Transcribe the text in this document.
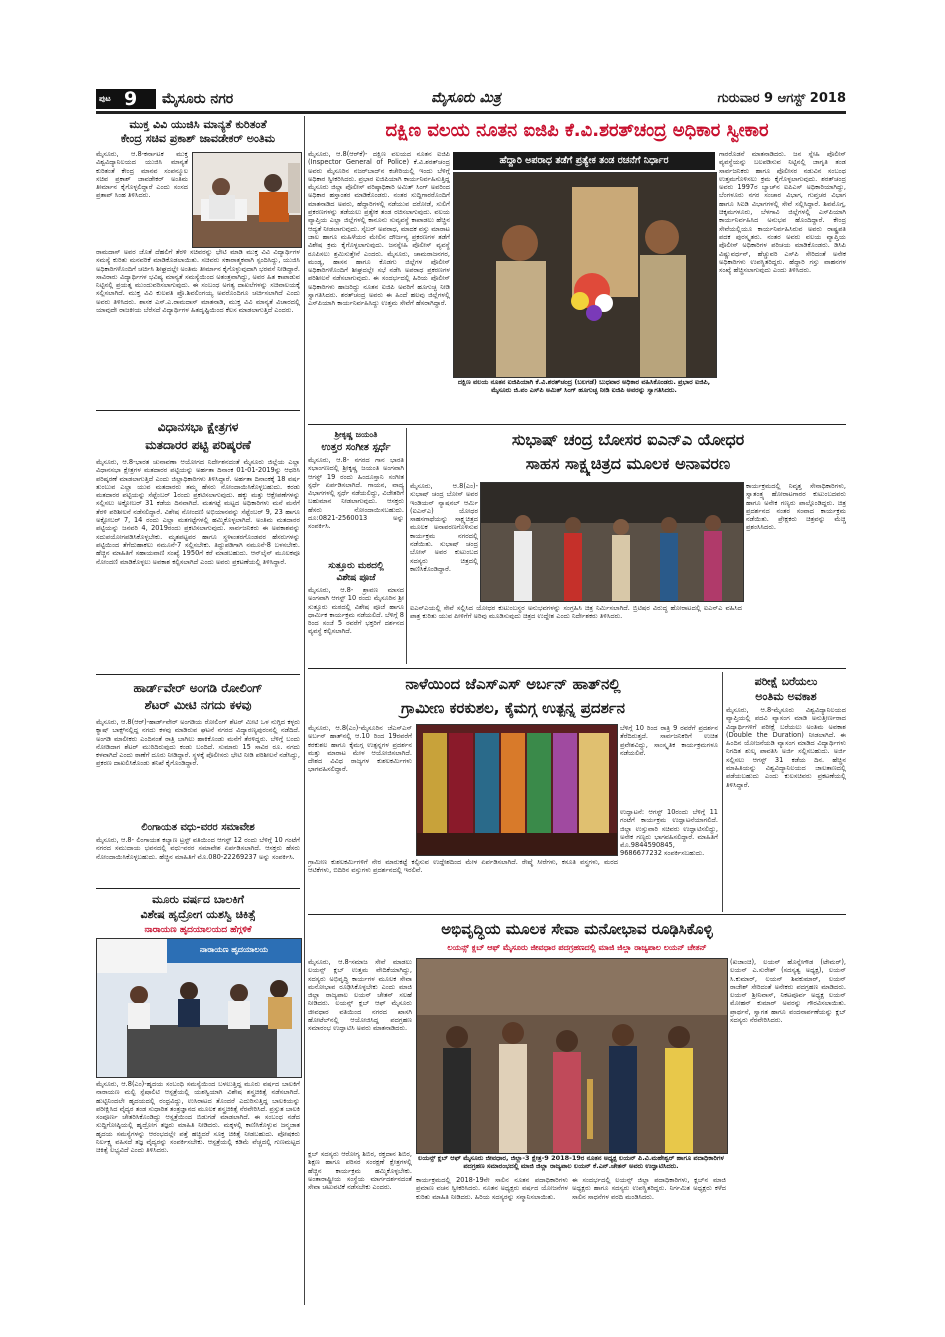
ಪುಟ 9 ಮೈಸೂರು ನಗರ	ಮೈಸೂರು ಮಿತ್ರ	ಗುರುವಾರ 9 ಆಗಸ್ಟ್ 2018
ಮುಕ್ತ ವಿವಿ ಯುಜಿಸಿ ಮಾನ್ಯತೆ ಕುರಿತಂತೆ
ಕೇಂದ್ರ ಸಚಿವ ಪ್ರಕಾಶ್ ಜಾವಡೇಕರ್ ಅಂತಿಮ
ಮೈಸೂರು, ಆ.8-ಕರ್ನಾಟಕ ಮುಕ್ತ ವಿಶ್ವವಿದ್ಯಾನಿಲಯದ ಯುಜಿಸಿ ಮಾನ್ಯತೆ ಕುರಿತಂತೆ ಕೇಂದ್ರ ಮಾನವ ಸಂಪನ್ಮೂಲ ಸಚಿವ ಪ್ರಕಾಶ್ ಜಾವಡೇಕರ್ ಅಂತಿಮ ತೀರ್ಮಾನ ಕೈಗೊಳ್ಳಲಿದ್ದಾರೆ ಎಂದು ಸಂಸದ ಪ್ರತಾಪ್ ಸಿಂಹ ತಿಳಿಸಿದರು.
ರಾಮದಾಸ್ ಅವರ ಜೊತೆ ದೆಹಲಿಗೆ ತೆರಳಿ ಸಚಿವರನ್ನು ಭೇಟಿ ಮಾಡಿ ಮುಕ್ತ ವಿವಿ ವಿದ್ಯಾರ್ಥಿಗಳ ಸಮಸ್ಯೆ ಕುರಿತು ಮನವರಿಕೆ ಮಾಡಿಕೊಡಲಾಯಿತು. ಸಚಿವರು ಸಕಾರಾತ್ಮಕವಾಗಿ ಸ್ಪಂದಿಸಿದ್ದು, ಯುಜಿಸಿ ಅಧಿಕಾರಿಗಳೊಂದಿಗೆ ಚರ್ಚಿಸಿ ಶೀಘ್ರದಲ್ಲೇ ಅಂತಿಮ ತೀರ್ಮಾನ ಕೈಗೊಳ್ಳುವುದಾಗಿ ಭರವಸೆ ನೀಡಿದ್ದಾರೆ. ಸಾವಿರಾರು ವಿದ್ಯಾರ್ಥಿಗಳ ಭವಿಷ್ಯ ಮಾನ್ಯತೆ ಸಮಸ್ಯೆಯಿಂದ ಅತಂತ್ರವಾಗಿದ್ದು, ಅವರ ಹಿತ ಕಾಪಾಡುವ ನಿಟ್ಟಿನಲ್ಲಿ ಪ್ರಯತ್ನ ಮುಂದುವರಿಸಲಾಗುವುದು. ಈ ಸಂಬಂಧ ಅಗತ್ಯ ದಾಖಲೆಗಳನ್ನು ಸಚಿವಾಲಯಕ್ಕೆ ಸಲ್ಲಿಸಲಾಗಿದೆ. ಮುಕ್ತ ವಿವಿ ಕುಲಪತಿ ಪ್ರೊ.ಶಿವಲಿಂಗಯ್ಯ ಅವರೊಂದಿಗೂ ಚರ್ಚಿಸಲಾಗಿದೆ ಎಂದು ಅವರು ತಿಳಿಸಿದರು. ಶಾಸಕ ಎಸ್.ಎ.ರಾಮದಾಸ್ ಮಾತನಾಡಿ, ಮುಕ್ತ ವಿವಿ ಮಾನ್ಯತೆ ವಿಚಾರದಲ್ಲಿ ಯಾವುದೇ ರಾಜಕೀಯ ಬೆರೆಸದೆ ವಿದ್ಯಾರ್ಥಿಗಳ ಹಿತದೃಷ್ಟಿಯಿಂದ ಕೆಲಸ ಮಾಡಲಾಗುತ್ತಿದೆ ಎಂದರು.
ವಿಧಾನಸಭಾ ಕ್ಷೇತ್ರಗಳ
ಮತದಾರರ ಪಟ್ಟಿ ಪರಿಷ್ಕರಣೆ
ಮೈಸೂರು, ಆ.8-ಭಾರತ ಚುನಾವಣಾ ಆಯೋಗದ ನಿರ್ದೇಶನದಂತೆ ಮೈಸೂರು ಜಿಲ್ಲೆಯ ಎಲ್ಲಾ ವಿಧಾನಸಭಾ ಕ್ಷೇತ್ರಗಳ ಮತದಾರರ ಪಟ್ಟಿಯನ್ನು ಅರ್ಹತಾ ದಿನಾಂಕ 01-01-2019ನ್ನು ಆಧರಿಸಿ ಪರಿಷ್ಕರಣೆ ಮಾಡಲಾಗುತ್ತಿದೆ ಎಂದು ಜಿಲ್ಲಾಧಿಕಾರಿಗಳು ತಿಳಿಸಿದ್ದಾರೆ. ಅರ್ಹತಾ ದಿನಾಂಕಕ್ಕೆ 18 ವರ್ಷ ತುಂಬುವ ಎಲ್ಲಾ ಯುವ ಮತದಾರರು ತಮ್ಮ ಹೆಸರು ನೋಂದಾಯಿಸಿಕೊಳ್ಳಬಹುದು. ಕರಡು ಮತದಾರರ ಪಟ್ಟಿಯನ್ನು ಸೆಪ್ಟೆಂಬರ್ 1ರಂದು ಪ್ರಕಟಿಸಲಾಗುವುದು. ಹಕ್ಕು ಮತ್ತು ಆಕ್ಷೇಪಣೆಗಳನ್ನು ಸಲ್ಲಿಸಲು ಅಕ್ಟೋಬರ್ 31 ಕಡೆಯ ದಿನವಾಗಿದೆ. ಮತಗಟ್ಟೆ ಮಟ್ಟದ ಅಧಿಕಾರಿಗಳು ಮನೆ ಮನೆಗೆ ತೆರಳಿ ಪರಿಶೀಲನೆ ನಡೆಸಲಿದ್ದಾರೆ. ವಿಶೇಷ ನೋಂದಣಿ ಅಭಿಯಾನವನ್ನು ಸೆಪ್ಟೆಂಬರ್ 9, 23 ಹಾಗೂ ಅಕ್ಟೋಬರ್ 7, 14 ರಂದು ಎಲ್ಲಾ ಮತಗಟ್ಟೆಗಳಲ್ಲಿ ಹಮ್ಮಿಕೊಳ್ಳಲಾಗಿದೆ. ಅಂತಿಮ ಮತದಾರರ ಪಟ್ಟಿಯನ್ನು ಜನವರಿ 4, 2019ರಂದು ಪ್ರಕಟಿಸಲಾಗುವುದು. ಸಾರ್ವಜನಿಕರು ಈ ಅವಕಾಶವನ್ನು ಸದುಪಯೋಗಪಡಿಸಿಕೊಳ್ಳಬೇಕು. ಮೃತಪಟ್ಟವರ ಹಾಗೂ ಸ್ಥಳಾಂತರಗೊಂಡವರ ಹೆಸರುಗಳನ್ನು ಪಟ್ಟಿಯಿಂದ ತೆಗೆದುಹಾಕಲು ನಮೂನೆ-7 ಸಲ್ಲಿಸಬೇಕು. ತಿದ್ದುಪಡಿಗಾಗಿ ನಮೂನೆ-8 ಬಳಸಬೇಕು. ಹೆಚ್ಚಿನ ಮಾಹಿತಿಗೆ ಸಹಾಯವಾಣಿ ಸಂಖ್ಯೆ 1950ಗೆ ಕರೆ ಮಾಡಬಹುದು. ಆನ್‌ಲೈನ್ ಮೂಲಕವೂ ನೋಂದಣಿ ಮಾಡಿಕೊಳ್ಳಲು ಅವಕಾಶ ಕಲ್ಪಿಸಲಾಗಿದೆ ಎಂದು ಅವರು ಪ್ರಕಟಣೆಯಲ್ಲಿ ತಿಳಿಸಿದ್ದಾರೆ.
ಹಾರ್ಡ್‌ವೇರ್ ಅಂಗಡಿ ರೋಲಿಂಗ್
ಶೆಟರ್ ಮೀಟಿ ನಗದು ಕಳವು
ಮೈಸೂರು, ಆ.8(ಆರ್)-ಹಾರ್ಡ್‌ವೇರ್ ಅಂಗಡಿಯ ರೋಲಿಂಗ್ ಶೆಟರ್ ಮೀಟಿ ಒಳ ನುಗ್ಗಿದ ಕಳ್ಳರು ಕ್ಯಾಷ್ ಬಾಕ್ಸ್‌ನಲ್ಲಿದ್ದ ನಗದು ಕಳವು ಮಾಡಿರುವ ಘಟನೆ ನಗರದ ವಿದ್ಯಾರಣ್ಯಪುರಂನಲ್ಲಿ ನಡೆದಿದೆ. ಅಂಗಡಿ ಮಾಲೀಕರು ಎಂದಿನಂತೆ ರಾತ್ರಿ ಬಾಗಿಲು ಹಾಕಿಕೊಂಡು ಮನೆಗೆ ತೆರಳಿದ್ದರು. ಬೆಳಿಗ್ಗೆ ಬಂದು ನೋಡಿದಾಗ ಶೆಟರ್ ಮುರಿದಿರುವುದು ಕಂಡು ಬಂದಿದೆ. ಸುಮಾರು 15 ಸಾವಿರ ರೂ. ನಗದು ಕಳವಾಗಿದೆ ಎಂದು ಠಾಣೆಗೆ ದೂರು ನೀಡಿದ್ದಾರೆ. ಸ್ಥಳಕ್ಕೆ ಪೊಲೀಸರು ಭೇಟಿ ನೀಡಿ ಪರಿಶೀಲನೆ ನಡೆಸಿದ್ದು, ಪ್ರಕರಣ ದಾಖಲಿಸಿಕೊಂಡು ತನಿಖೆ ಕೈಗೊಂಡಿದ್ದಾರೆ.
ಲಿಂಗಾಯತ ವಧು-ವರರ ಸಮಾವೇಶ
ಮೈಸೂರು, ಆ.8- ಲಿಂಗಾಯತ ಕಲ್ಯಾಣ ಟ್ರಸ್ಟ್ ವತಿಯಿಂದ ಆಗಸ್ಟ್ 12 ರಂದು ಬೆಳಿಗ್ಗೆ 10 ಗಂಟೆಗೆ ನಗರದ ಸಮುದಾಯ ಭವನದಲ್ಲಿ ವಧು-ವರರ ಸಮಾವೇಶ ಏರ್ಪಡಿಸಲಾಗಿದೆ. ಆಸಕ್ತರು ಹೆಸರು ನೋಂದಾಯಿಸಿಕೊಳ್ಳಬಹುದು. ಹೆಚ್ಚಿನ ಮಾಹಿತಿಗೆ ಮೊ.080-22269237 ಅನ್ನು ಸಂಪರ್ಕಿಸಿ.
ಮೂರು ವರ್ಷದ ಬಾಲಕಿಗೆ
ವಿಶೇಷ ಹೃದ್ರೋಗ ಯಶಸ್ವಿ ಚಿಕಿತ್ಸೆ
ನಾರಾಯಣ ಹೃದಯಾಲಯದ ಹೆಗ್ಗಳಿಕೆ
ನಾರಾಯಣ ಹೃದಯಾಲಯ
ಮೈಸೂರು, ಆ.8(ಎಂ)-ಹೃದಯ ಸಂಬಂಧಿ ಸಮಸ್ಯೆಯಿಂದ ಬಳಲುತ್ತಿದ್ದ ಮೂರು ವರ್ಷದ ಬಾಲಕಿಗೆ ನಾರಾಯಣ ಮಲ್ಟಿ ಸ್ಪೆಷಾಲಿಟಿ ಆಸ್ಪತ್ರೆಯಲ್ಲಿ ಯಶಸ್ವಿಯಾಗಿ ವಿಶೇಷ ಶಸ್ತ್ರಚಿಕಿತ್ಸೆ ನಡೆಸಲಾಗಿದೆ. ಹುಟ್ಟಿನಿಂದಲೇ ಹೃದಯದಲ್ಲಿ ರಂಧ್ರವಿದ್ದು, ಉಸಿರಾಟದ ತೊಂದರೆ ಎದುರಿಸುತ್ತಿದ್ದ ಬಾಲಕಿಯನ್ನು ಪರೀಕ್ಷಿಸಿದ ವೈದ್ಯರ ತಂಡ ಸುಧಾರಿತ ತಂತ್ರಜ್ಞಾನದ ಮೂಲಕ ಶಸ್ತ್ರಚಿಕಿತ್ಸೆ ನೆರವೇರಿಸಿದೆ. ಪ್ರಸ್ತುತ ಬಾಲಕಿ ಸಂಪೂರ್ಣ ಚೇತರಿಸಿಕೊಂಡಿದ್ದು ಆಸ್ಪತ್ರೆಯಿಂದ ಬಿಡುಗಡೆ ಮಾಡಲಾಗಿದೆ. ಈ ಸಂಬಂಧ ನಡೆದ ಸುದ್ದಿಗೋಷ್ಠಿಯಲ್ಲಿ ಹೃದ್ರೋಗ ತಜ್ಞರು ಮಾಹಿತಿ ನೀಡಿದರು. ಮಕ್ಕಳಲ್ಲಿ ಕಾಣಿಸಿಕೊಳ್ಳುವ ಜನ್ಮಜಾತ ಹೃದಯ ಸಮಸ್ಯೆಗಳನ್ನು ಆರಂಭದಲ್ಲೇ ಪತ್ತೆ ಹಚ್ಚಿದರೆ ಸೂಕ್ತ ಚಿಕಿತ್ಸೆ ನೀಡಬಹುದು. ಪೋಷಕರು ನಿರ್ಲಕ್ಷ್ಯ ವಹಿಸದೆ ತಜ್ಞ ವೈದ್ಯರನ್ನು ಸಂಪರ್ಕಿಸಬೇಕು. ಆಸ್ಪತ್ರೆಯಲ್ಲಿ ಕಡಿಮೆ ವೆಚ್ಚದಲ್ಲಿ ಗುಣಮಟ್ಟದ ಚಿಕಿತ್ಸೆ ಲಭ್ಯವಿದೆ ಎಂದು ತಿಳಿಸಿದರು.
ದಕ್ಷಿಣ ವಲಯ ನೂತನ ಐಜಿಪಿ ಕೆ.ವಿ.ಶರತ್‌ಚಂದ್ರ ಅಧಿಕಾರ ಸ್ವೀಕಾರ
ಮೈಸೂರು, ಆ.8(ಆರ್‌ಕೆ)- ದಕ್ಷಿಣ ವಲಯದ ನೂತನ ಐಜಿಪಿ (Inspector General of Police) ಕೆ.ವಿ.ಶರತ್‌ಚಂದ್ರ ಅವರು ಮೈಸೂರಿನ ನಜರ್‌ಬಾದ್‌ನ ಕಚೇರಿಯಲ್ಲಿ ಇಂದು ಬೆಳಿಗ್ಗೆ ಅಧಿಕಾರ ಸ್ವೀಕರಿಸಿದರು. ಪ್ರಭಾರ ಐಜಿಪಿಯಾಗಿ ಕಾರ್ಯನಿರ್ವಹಿಸುತ್ತಿದ್ದ ಮೈಸೂರು ಜಿಲ್ಲಾ ಪೊಲೀಸ್ ವರಿಷ್ಠಾಧಿಕಾರಿ ಅಮಿತ್ ಸಿಂಗ್ ಅವರಿಂದ ಅಧಿಕಾರ ಹಸ್ತಾಂತರ ಮಾಡಿಕೊಂಡರು. ನಂತರ ಸುದ್ದಿಗಾರರೊಂದಿಗೆ ಮಾತನಾಡಿದ ಅವರು, ಹೆದ್ದಾರಿಗಳಲ್ಲಿ ನಡೆಯುವ ದರೋಡೆ, ಸುಲಿಗೆ ಪ್ರಕರಣಗಳನ್ನು ತಡೆಯಲು ಪ್ರತ್ಯೇಕ ತಂಡ ರಚಿಸಲಾಗುವುದು. ವಲಯ ವ್ಯಾಪ್ತಿಯ ಎಲ್ಲಾ ಜಿಲ್ಲೆಗಳಲ್ಲಿ ಕಾನೂನು ಸುವ್ಯವಸ್ಥೆ ಕಾಪಾಡಲು ಹೆಚ್ಚಿನ ಆದ್ಯತೆ ನೀಡಲಾಗುವುದು. ಸೈಬರ್ ಅಪರಾಧ, ಮಾದಕ ವಸ್ತು ಮಾರಾಟ ಜಾಲ ಹಾಗೂ ಮಹಿಳೆಯರ ಮೇಲಿನ ದೌರ್ಜನ್ಯ ಪ್ರಕರಣಗಳ ತಡೆಗೆ ವಿಶೇಷ ಕ್ರಮ ಕೈಗೊಳ್ಳಲಾಗುವುದು. ಜನಸ್ನೇಹಿ ಪೊಲೀಸ್ ವ್ಯವಸ್ಥೆ ರೂಪಿಸಲು ಶ್ರಮಿಸುತ್ತೇನೆ ಎಂದರು. ಮೈಸೂರು, ಚಾಮರಾಜನಗರ, ಮಂಡ್ಯ, ಹಾಸನ ಹಾಗೂ ಕೊಡಗು ಜಿಲ್ಲೆಗಳ ಪೊಲೀಸ್ ಅಧಿಕಾರಿಗಳೊಂದಿಗೆ ಶೀಘ್ರದಲ್ಲೇ ಸಭೆ ನಡೆಸಿ ಅಪರಾಧ ಪ್ರಕರಣಗಳ ಪರಿಶೀಲನೆ ನಡೆಸಲಾಗುವುದು. ಈ ಸಂದರ್ಭದಲ್ಲಿ ಹಿರಿಯ ಪೊಲೀಸ್ ಅಧಿಕಾರಿಗಳು ಹಾಜರಿದ್ದು ನೂತನ ಐಜಿಪಿ ಅವರಿಗೆ ಹೂಗುಚ್ಛ ನೀಡಿ ಸ್ವಾಗತಿಸಿದರು. ಶರತ್‌ಚಂದ್ರ ಅವರು ಈ ಹಿಂದೆ ಹಲವು ಜಿಲ್ಲೆಗಳಲ್ಲಿ ಎಸ್‌ಪಿಯಾಗಿ ಕಾರ್ಯನಿರ್ವಹಿಸಿದ್ದು ಉತ್ತಮ ಸೇವೆಗೆ ಹೆಸರಾಗಿದ್ದಾರೆ.
ಹೆದ್ದಾರಿ ಅಪರಾಧ ತಡೆಗೆ ಪ್ರತ್ಯೇಕ ತಂಡ ರಚನೆಗೆ ನಿರ್ಧಾರ
ದಕ್ಷಿಣ ವಲಯ ನೂತನ ಐಜಿಪಿಯಾಗಿ ಕೆ.ವಿ.ಶರತ್‌ಚಂದ್ರ (ಬಲಗಡೆ) ಬುಧವಾರ ಅಧಿಕಾರ ವಹಿಸಿಕೊಂಡರು. ಪ್ರಭಾರ ಐಜಿಪಿ, ಮೈಸೂರು ಜಿ.ಪಂ ಎಸ್‌ಪಿ ಅಮಿತ್ ಸಿಂಗ್ ಹೂಗುಚ್ಛ ನೀಡಿ ಐಜಿಪಿ ಅವರನ್ನು ಸ್ವಾಗತಿಸಿದರು.
ಗಾರರೊಡನೆ ಮಾತನಾಡಿದರು. ಜನ ಸ್ನೇಹಿ ಪೊಲೀಸ್ ವ್ಯವಸ್ಥೆಯನ್ನು ಬಲಪಡಿಸುವ ನಿಟ್ಟಿನಲ್ಲಿ ಜಾಗೃತಿ ತಂಡ ಸಾರ್ವಜನಿಕರು ಹಾಗೂ ಪೊಲೀಸರ ನಡುವಿನ ಸಂಬಂಧ ಉತ್ತಮಗೊಳಿಸಲು ಕ್ರಮ ಕೈಗೊಳ್ಳಲಾಗುವುದು. ಶರತ್‌ಚಂದ್ರ ಅವರು 1997ರ ಬ್ಯಾಚ್‌ನ ಐಪಿಎಸ್ ಅಧಿಕಾರಿಯಾಗಿದ್ದು, ಬೆಂಗಳೂರು ನಗರ ಸಂಚಾರ ವಿಭಾಗ, ಗುಪ್ತಚರ ವಿಭಾಗ ಹಾಗೂ ಸಿಐಡಿ ವಿಭಾಗಗಳಲ್ಲಿ ಸೇವೆ ಸಲ್ಲಿಸಿದ್ದಾರೆ. ಶಿವಮೊಗ್ಗ, ಚಿಕ್ಕಮಗಳೂರು, ಬೆಳಗಾವಿ ಜಿಲ್ಲೆಗಳಲ್ಲಿ ಎಸ್‌ಪಿಯಾಗಿ ಕಾರ್ಯನಿರ್ವಹಿಸಿದ ಅನುಭವ ಹೊಂದಿದ್ದಾರೆ. ಕೇಂದ್ರ ಸೇವೆಯಲ್ಲಿಯೂ ಕಾರ್ಯನಿರ್ವಹಿಸಿರುವ ಅವರು ರಾಷ್ಟ್ರಪತಿ ಪದಕ ಪುರಸ್ಕೃತರು. ನಂತರ ಅವರು ವಲಯ ವ್ಯಾಪ್ತಿಯ ಪೊಲೀಸ್ ಅಧಿಕಾರಿಗಳ ಪರಿಚಯ ಮಾಡಿಕೊಂಡರು. ಡಿಸಿಪಿ ವಿಷ್ಣುವರ್ಧನ್, ಹೆಚ್ಚುವರಿ ಎಸ್‌ಪಿ ಸೇರಿದಂತೆ ಅನೇಕ ಅಧಿಕಾರಿಗಳು ಉಪಸ್ಥಿತರಿದ್ದರು. ಹೆದ್ದಾರಿ ಗಸ್ತು ವಾಹನಗಳ ಸಂಖ್ಯೆ ಹೆಚ್ಚಿಸಲಾಗುವುದು ಎಂದು ತಿಳಿಸಿದರು.
ಶ್ರೀಕೃಷ್ಣ ಜಯಂತಿ
ಉತ್ತರ ಸಂಗೀತ ಸ್ಪರ್ಧೆ
ಮೈಸೂರು, ಆ.8- ನಗರದ ಗಾನ ಭಾರತಿ ಸಭಾಂಗಣದಲ್ಲಿ ಶ್ರೀಕೃಷ್ಣ ಜಯಂತಿ ಅಂಗವಾಗಿ ಆಗಸ್ಟ್ 19 ರಂದು ಹಿಂದೂಸ್ತಾನಿ ಸಂಗೀತ ಸ್ಪರ್ಧೆ ಏರ್ಪಡಿಸಲಾಗಿದೆ. ಗಾಯನ, ವಾದ್ಯ ವಿಭಾಗಗಳಲ್ಲಿ ಸ್ಪರ್ಧೆ ನಡೆಯಲಿದ್ದು, ವಿಜೇತರಿಗೆ ಬಹುಮಾನ ನೀಡಲಾಗುವುದು. ಆಸಕ್ತರು ಹೆಸರು ನೋಂದಾಯಿಸಬಹುದು. ದೂ:0821-2560013 ಅನ್ನು ಸಂಪರ್ಕಿಸಿ.
ಸುತ್ತೂರು ಮಠದಲ್ಲಿ
ವಿಶೇಷ ಪೂಜೆ
ಮೈಸೂರು, ಆ.8- ಶ್ರಾವಣ ಮಾಸದ ಅಂಗವಾಗಿ ಆಗಸ್ಟ್ 10 ರಂದು ಮೈಸೂರಿನ ಶ್ರೀ ಸುತ್ತೂರು ಮಠದಲ್ಲಿ ವಿಶೇಷ ಪೂಜೆ ಹಾಗೂ ಧಾರ್ಮಿಕ ಕಾರ್ಯಕ್ರಮ ನಡೆಯಲಿದೆ. ಬೆಳಿಗ್ಗೆ 8 ರಿಂದ ಸಂಜೆ 5 ರವರೆಗೆ ಭಕ್ತರಿಗೆ ದರ್ಶನದ ವ್ಯವಸ್ಥೆ ಕಲ್ಪಿಸಲಾಗಿದೆ.
ಸುಭಾಷ್ ಚಂದ್ರ ಬೋಸರ ಐಎನ್‌ಎ ಯೋಧರ
ಸಾಹಸ ಸಾಕ್ಷ್ಯಚಿತ್ರದ ಮೂಲಕ ಅನಾವರಣ
ಮೈಸೂರು, ಆ.8(ಎಂ)-ಸುಭಾಷ್ ಚಂದ್ರ ಬೋಸ್ ಅವರ ಇಂಡಿಯನ್ ನ್ಯಾಷನಲ್ ಆರ್ಮಿ (ಐಎನ್‌ಎ) ಯೋಧರ ಸಾಹಸಗಾಥೆಯನ್ನು ಸಾಕ್ಷ್ಯಚಿತ್ರದ ಮೂಲಕ ಅನಾವರಣಗೊಳಿಸುವ ಕಾರ್ಯಕ್ರಮ ನಗರದಲ್ಲಿ ನಡೆಯಿತು. ಸುಭಾಷ್ ಚಂದ್ರ ಬೋಸ್ ಅವರ ಕುಟುಂಬದ ಸದಸ್ಯರು ಚಿತ್ರದಲ್ಲಿ ಕಾಣಿಸಿಕೊಂಡಿದ್ದಾರೆ.
ಕಾರ್ಯಕ್ರಮದಲ್ಲಿ ನಿವೃತ್ತ ಸೇನಾಧಿಕಾರಿಗಳು, ಸ್ವಾತಂತ್ರ್ಯ ಹೋರಾಟಗಾರರ ಕುಟುಂಬದವರು ಹಾಗೂ ಅನೇಕ ಗಣ್ಯರು ಪಾಲ್ಗೊಂಡಿದ್ದರು. ಚಿತ್ರ ಪ್ರದರ್ಶನದ ನಂತರ ಸಂವಾದ ಕಾರ್ಯಕ್ರಮ ನಡೆಯಿತು. ಪ್ರೇಕ್ಷಕರು ಚಿತ್ರವನ್ನು ಮೆಚ್ಚಿ ಪ್ರಶಂಸಿಸಿದರು.
ಐಎನ್‌ಎಯಲ್ಲಿ ಸೇವೆ ಸಲ್ಲಿಸಿದ ಯೋಧರ ಕುಟುಂಬಸ್ಥರ ಅನುಭವಗಳನ್ನು ಸಂಗ್ರಹಿಸಿ ಚಿತ್ರ ನಿರ್ಮಿಸಲಾಗಿದೆ. ಬ್ರಿಟಿಷರ ವಿರುದ್ಧ ಹೋರಾಟದಲ್ಲಿ ಐಎನ್‌ಎ ವಹಿಸಿದ ಪಾತ್ರ ಕುರಿತು ಯುವ ಪೀಳಿಗೆಗೆ ಅರಿವು ಮೂಡಿಸುವುದು ಚಿತ್ರದ ಉದ್ದೇಶ ಎಂದು ನಿರ್ದೇಶಕರು ತಿಳಿಸಿದರು.
ನಾಳೆಯಿಂದ ಜೆಎಸ್‌ಎಸ್ ಅರ್ಬನ್ ಹಾತ್‌ನಲ್ಲಿ
ಗ್ರಾಮೀಣ ಕರಕುಶಲ, ಕೈಮಗ್ಗ ಉತ್ಪನ್ನ ಪ್ರದರ್ಶನ
ಮೈಸೂರು, ಆ.8(ಎಂ)-ಮೈಸೂರಿನ ಜೆಎಸ್‌ಎಸ್ ಅರ್ಬನ್ ಹಾತ್‌ನಲ್ಲಿ ಆ.10 ರಿಂದ 19ರವರೆಗೆ ಕರಕುಶಲ ಹಾಗೂ ಕೈಮಗ್ಗ ಉತ್ಪನ್ನಗಳ ಪ್ರದರ್ಶನ ಮತ್ತು ಮಾರಾಟ ಮೇಳ ಆಯೋಜಿಸಲಾಗಿದೆ. ದೇಶದ ವಿವಿಧ ರಾಜ್ಯಗಳ ಕುಶಲಕರ್ಮಿಗಳು ಭಾಗವಹಿಸಲಿದ್ದಾರೆ.
ಬೆಳಿಗ್ಗೆ 10 ರಿಂದ ರಾತ್ರಿ 9 ರವರೆಗೆ ಪ್ರದರ್ಶನ ತೆರೆದಿರುತ್ತದೆ. ಸಾರ್ವಜನಿಕರಿಗೆ ಉಚಿತ ಪ್ರವೇಶವಿದ್ದು, ಸಾಂಸ್ಕೃತಿಕ ಕಾರ್ಯಕ್ರಮಗಳೂ ನಡೆಯಲಿವೆ.
ಗ್ರಾಮೀಣ ಕುಶಲಕರ್ಮಿಗಳಿಗೆ ನೇರ ಮಾರುಕಟ್ಟೆ ಕಲ್ಪಿಸುವ ಉದ್ದೇಶದಿಂದ ಮೇಳ ಏರ್ಪಡಿಸಲಾಗಿದೆ. ರೇಷ್ಮೆ ಸೀರೆಗಳು, ಕಸೂತಿ ವಸ್ತ್ರಗಳು, ಮರದ ಆಟಿಕೆಗಳು, ಬಿದಿರಿನ ವಸ್ತುಗಳು ಪ್ರದರ್ಶನದಲ್ಲಿ ಇರಲಿವೆ.
ಉದ್ಘಾಟನೆ: ಆಗಸ್ಟ್ 10ರಂದು ಬೆಳಿಗ್ಗೆ 11 ಗಂಟೆಗೆ ಕಾರ್ಯಕ್ರಮ ಉದ್ಘಾಟನೆಯಾಗಲಿದೆ. ಜಿಲ್ಲಾ ಉಸ್ತುವಾರಿ ಸಚಿವರು ಉದ್ಘಾಟಿಸಲಿದ್ದು, ಅನೇಕ ಗಣ್ಯರು ಭಾಗವಹಿಸಲಿದ್ದಾರೆ. ಮಾಹಿತಿಗೆ ಮೊ.9844590845, 9686677232 ಸಂಪರ್ಕಿಸಬಹುದು.
ಪರೀಕ್ಷೆ ಬರೆಯಲು
ಅಂತಿಮ ಅವಕಾಶ
ಮೈಸೂರು, ಆ.8-ಮೈಸೂರು ವಿಶ್ವವಿದ್ಯಾನಿಲಯದ ವ್ಯಾಪ್ತಿಯಲ್ಲಿ ಪದವಿ ವ್ಯಾಸಂಗ ಮಾಡಿ ಅನುತ್ತೀರ್ಣರಾದ ವಿದ್ಯಾರ್ಥಿಗಳಿಗೆ ಪರೀಕ್ಷೆ ಬರೆಯಲು ಅಂತಿಮ ಅವಕಾಶ (Double the Duration) ನೀಡಲಾಗಿದೆ. ಈ ಹಿಂದಿನ ಯೋಜನೆಯಡಿ ವ್ಯಾಸಂಗ ಮಾಡಿದ ವಿದ್ಯಾರ್ಥಿಗಳು ನಿಗದಿತ ಶುಲ್ಕ ಪಾವತಿಸಿ ಅರ್ಜಿ ಸಲ್ಲಿಸಬಹುದು. ಅರ್ಜಿ ಸಲ್ಲಿಸಲು ಆಗಸ್ಟ್ 31 ಕಡೆಯ ದಿನ. ಹೆಚ್ಚಿನ ಮಾಹಿತಿಯನ್ನು ವಿಶ್ವವಿದ್ಯಾನಿಲಯದ ಜಾಲತಾಣದಲ್ಲಿ ಪಡೆಯಬಹುದು ಎಂದು ಕುಲಸಚಿವರು ಪ್ರಕಟಣೆಯಲ್ಲಿ ತಿಳಿಸಿದ್ದಾರೆ.
ಅಭಿವೃದ್ಧಿಯ ಮೂಲಕ ಸೇವಾ ಮನೋಭಾವ ರೂಢಿಸಿಕೊಳ್ಳಿ
ಲಯನ್ಸ್ ಕ್ಲಬ್ ಆಫ್ ಮೈಸೂರು ಜೀವಧಾರ ಪದಗ್ರಹಣದಲ್ಲಿ ಮಾಜಿ ಜಿಲ್ಲಾ ರಾಜ್ಯಪಾಲ ಲಯನ್ ಚೇತನ್
ಮೈಸೂರು, ಆ.8-ಸಮಾಜ ಸೇವೆ ಮಾಡಲು ಲಯನ್ಸ್ ಕ್ಲಬ್ ಉತ್ತಮ ವೇದಿಕೆಯಾಗಿದ್ದು, ಸದಸ್ಯರು ಅಭಿವೃದ್ಧಿ ಕಾರ್ಯಗಳ ಮೂಲಕ ಸೇವಾ ಮನೋಭಾವ ರೂಢಿಸಿಕೊಳ್ಳಬೇಕು ಎಂದು ಮಾಜಿ ಜಿಲ್ಲಾ ರಾಜ್ಯಪಾಲ ಲಯನ್ ಚೇತನ್ ಸಲಹೆ ನೀಡಿದರು. ಲಯನ್ಸ್ ಕ್ಲಬ್ ಆಫ್ ಮೈಸೂರು ಜೀವಧಾರ ವತಿಯಿಂದ ನಗರದ ಖಾಸಗಿ ಹೋಟೆಲ್‌ನಲ್ಲಿ ಆಯೋಜಿಸಿದ್ದ ಪದಗ್ರಹಣ ಸಮಾರಂಭ ಉದ್ಘಾಟಿಸಿ ಅವರು ಮಾತನಾಡಿದರು.
(ಖಜಾಂಚಿ), ಲಯನ್ ಹೊನ್ನೇಗೌಡ (ಟೇಮರ್), ಲಯನ್ ಎ.ಸುರೇಶ್ (ಸದಸ್ಯತ್ವ ಅಧ್ಯಕ್ಷ), ಲಯನ್ ಸಿ.ಕುಮಾರ್, ಲಯನ್ ಶಿವಕುಮಾರ್, ಲಯನ್ ರಾಜೇಶ್ ಸೇರಿದಂತೆ ಅನೇಕರು ಪದಗ್ರಹಣ ಮಾಡಿದರು. ಲಯನ್ ಶ್ರೀನಿವಾಸ್, ನಿಕಟಪೂರ್ವ ಅಧ್ಯಕ್ಷ ಲಯನ್ ಮೋಹನ್ ಕುಮಾರ್ ಅವರನ್ನು ಗೌರವಿಸಲಾಯಿತು. ಪ್ರಾರ್ಥನೆ, ಸ್ವಾಗತ ಹಾಗೂ ವಂದನಾರ್ಪಣೆಯನ್ನು ಕ್ಲಬ್ ಸದಸ್ಯರು ನೆರವೇರಿಸಿದರು.
ಲಯನ್ಸ್ ಕ್ಲಬ್ ಆಫ್ ಮೈಸೂರು ಜೀವಧಾರ, ಜಿಲ್ಲಾ-3 ಕ್ಷೇತ್ರ-9 2018-19ರ ನೂತನ ಅಧ್ಯಕ್ಷ ಲಯನ್ ಪಿ.ವಿ.ಮಹೇಶ್ವರ್ ಹಾಗೂ ಪದಾಧಿಕಾರಿಗಳ ಪದಗ್ರಹಣ ಸಮಾರಂಭದಲ್ಲಿ ಮಾಜಿ ಜಿಲ್ಲಾ ರಾಜ್ಯಪಾಲ ಲಯನ್ ಕೆ.ಎನ್.ಚೇತನ್ ಅವರು ಉದ್ಘಾಟಿಸಿದರು.
ಕ್ಲಬ್ ಸದಸ್ಯರು ಆರೋಗ್ಯ ಶಿಬಿರ, ರಕ್ತದಾನ ಶಿಬಿರ, ಶಿಕ್ಷಣ ಹಾಗೂ ಪರಿಸರ ಸಂರಕ್ಷಣೆ ಕ್ಷೇತ್ರಗಳಲ್ಲಿ ಹೆಚ್ಚಿನ ಕಾರ್ಯಕ್ರಮ ಹಮ್ಮಿಕೊಳ್ಳಬೇಕು. ಅಂತಾರಾಷ್ಟ್ರೀಯ ಸಂಸ್ಥೆಯ ಮಾರ್ಗದರ್ಶನದಂತೆ ಸೇವಾ ಚಟುವಟಿಕೆ ನಡೆಸಬೇಕು ಎಂದರು.
ಕಾರ್ಯಕ್ರಮದಲ್ಲಿ 2018-19ನೇ ಸಾಲಿನ ನೂತನ ಪದಾಧಿಕಾರಿಗಳು ಪ್ರಮಾಣ ವಚನ ಸ್ವೀಕರಿಸಿದರು. ನೂತನ ಅಧ್ಯಕ್ಷರು ವರ್ಷದ ಯೋಜನೆಗಳ ಕುರಿತು ಮಾಹಿತಿ ನೀಡಿದರು. ಹಿರಿಯ ಸದಸ್ಯರನ್ನು ಸನ್ಮಾನಿಸಲಾಯಿತು.
ಈ ಸಂದರ್ಭದಲ್ಲಿ ಲಯನ್ಸ್ ಜಿಲ್ಲಾ ಪದಾಧಿಕಾರಿಗಳು, ಕ್ಲಬ್‌ನ ಮಾಜಿ ಅಧ್ಯಕ್ಷರು ಹಾಗೂ ಸದಸ್ಯರು ಉಪಸ್ಥಿತರಿದ್ದರು. ನಿರ್ಗಮಿತ ಅಧ್ಯಕ್ಷರು ಕಳೆದ ಸಾಲಿನ ಸಾಧನೆಗಳ ವರದಿ ಮಂಡಿಸಿದರು.
